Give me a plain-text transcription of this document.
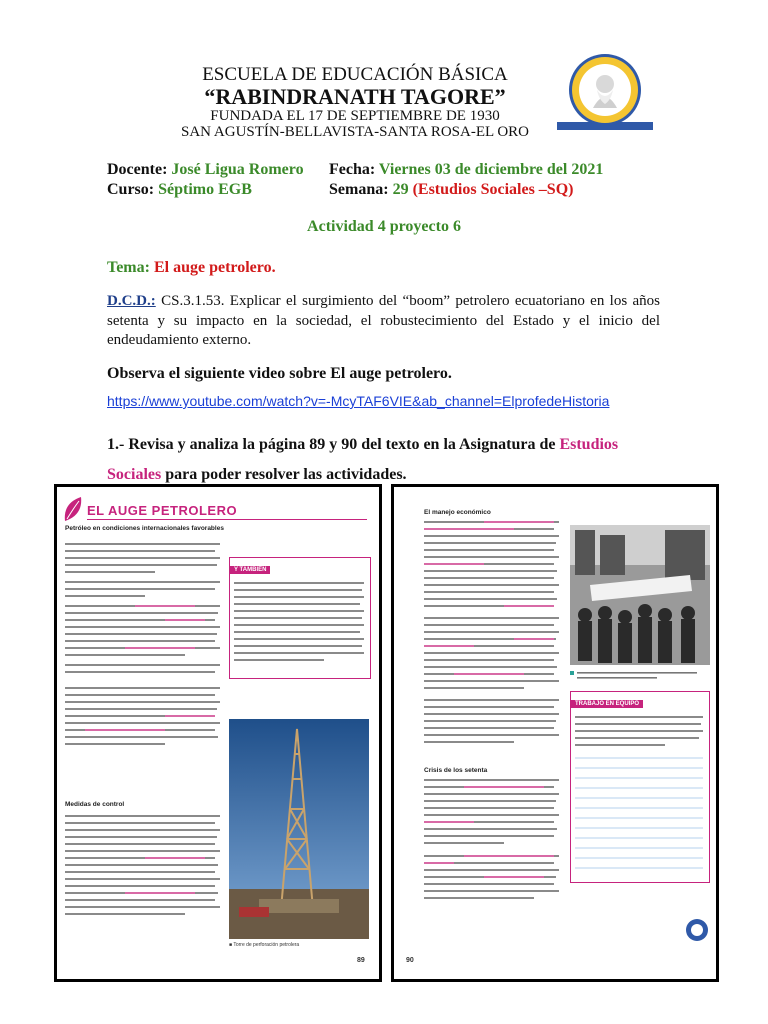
ESCUELA DE EDUCACIÓN BÁSICA
“RABINDRANATH TAGORE”
FUNDADA EL 17 DE SEPTIEMBRE DE 1930
SAN AGUSTÍN-BELLAVISTA-SANTA ROSA-EL ORO
Docente: José Ligua Romero Fecha: Viernes 03 de diciembre del 2021
Curso: Séptimo EGB	Semana: 29 (Estudios Sociales –SQ)
Actividad 4 proyecto 6
Tema: El auge petrolero.
D.C.D.: CS.3.1.53. Explicar el surgimiento del “boom” petrolero ecuatoriano en los años setenta y su impacto en la sociedad, el robustecimiento del Estado y el inicio del endeudamiento externo.
Observa el siguiente video sobre El auge petrolero.
https://www.youtube.com/watch?v=-McyTAF6VIE&ab_channel=ElprofedeHistoria
1.- Revisa y analiza la página 89 y 90 del texto en la Asignatura de Estudios Sociales para poder resolver las actividades.
EL AUGE PETROLERO
Petróleo en condiciones internacionales favorables
Medidas de control
Y TAMBIÉN
■ Torre de perforación petrolera
89
El manejo económico
Crisis de los setenta
TRABAJO EN EQUIPO
90
